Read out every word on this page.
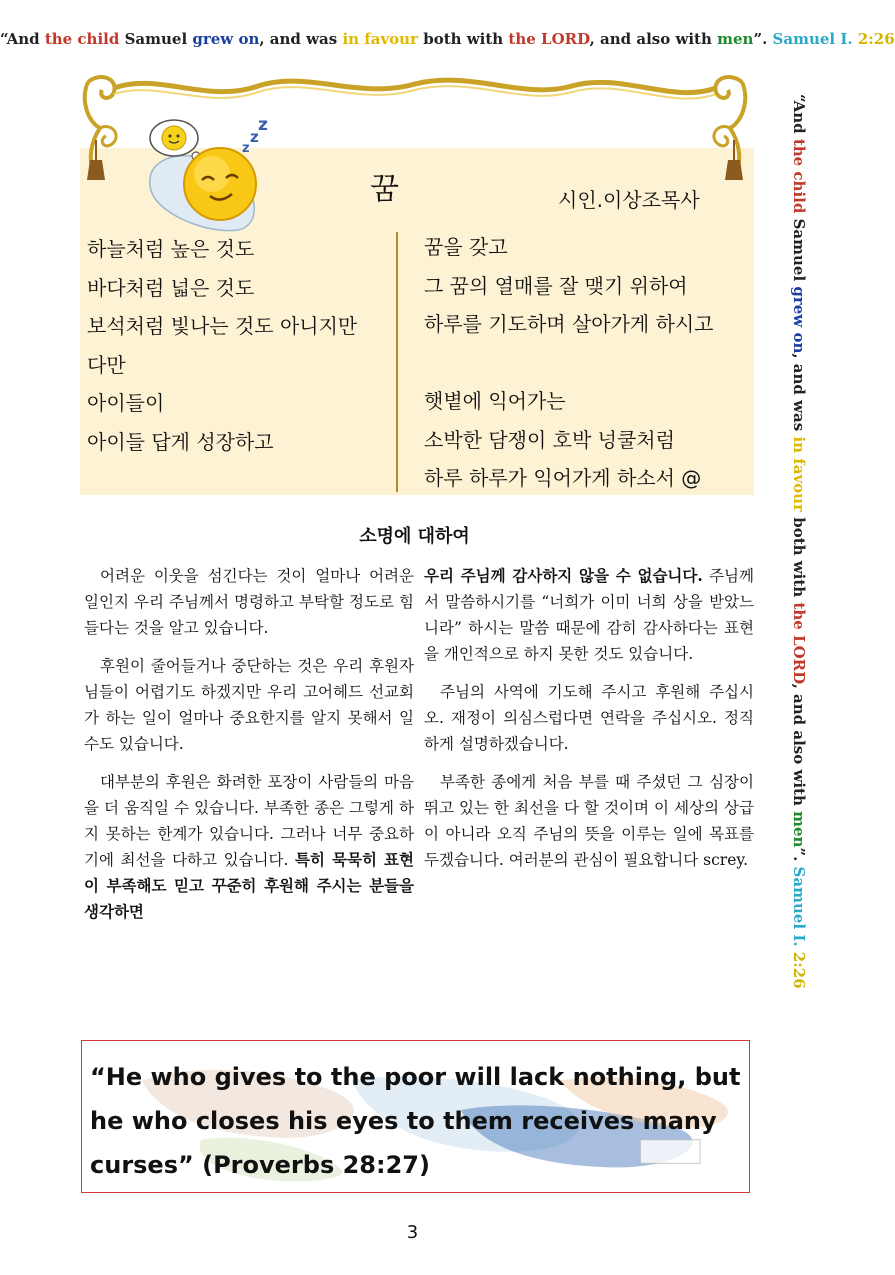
“And the child Samuel grew on, and was in favour both with the LORD, and also with men”. Samuel I. 2:26
“And the child Samuel grew on, and was in favour both with the LORD, and also with men”. Samuel I. 2:26
z
z
z
꿈	시인.이상조목사
하늘처럼 높은 것도
바다처럼 넓은 것도
보석처럼 빛나는 것도 아니지만
다만
아이들이
아이들 답게 성장하고
꿈을 갖고
그 꿈의 열매를 잘 맺기 위하여
하루를 기도하며 살아가게 하시고
햇볕에 익어가는
소박한 담쟁이 호박 넝쿨처럼
하루 하루가 익어가게 하소서 @
소명에 대하여

어려운 이웃을 섬긴다는 것이 얼마나 어려운 일인지 우리 주님께서 명령하고 부탁할 정도로 힘들다는 것을 알고 있습니다.

후원이 줄어들거나 중단하는 것은 우리 후원자님들이 어렵기도 하겠지만 우리 고어헤드 선교회가 하는 일이 얼마나 중요한지를 알지 못해서 일 수도 있습니다.

대부분의 후원은 화려한 포장이 사람들의 마음을 더 움직일 수 있습니다. 부족한 종은 그렇게 하지 못하는 한계가 있습니다. 그러나 너무 중요하기에 최선을 다하고 있습니다. 특히 묵묵히 표현이 부족해도 믿고 꾸준히 후원해 주시는 분들을 생각하면

우리 주님께 감사하지 않을 수 없습니다. 주님께서 말씀하시기를 “너희가 이미 너희 상을 받았느니라” 하시는 말씀 때문에 감히 감사하다는 표현을 개인적으로 하지 못한 것도 있습니다.

주님의 사역에 기도해 주시고 후원해 주십시오. 재정이 의심스럽다면 연락을 주십시오. 정직하게 설명하겠습니다.

부족한 종에게 처음 부를 때 주셨던 그 심장이 뛰고 있는 한 최선을 다 할 것이며 이 세상의 상급이 아니라 오직 주님의 뜻을 이루는 일에 목표를 두겠습니다. 여러분의 관심이 필요합니다 screy.

“He who gives to the poor will lack nothing, but he who closes his eyes to them receives many curses” (Proverbs 28:27)
3
